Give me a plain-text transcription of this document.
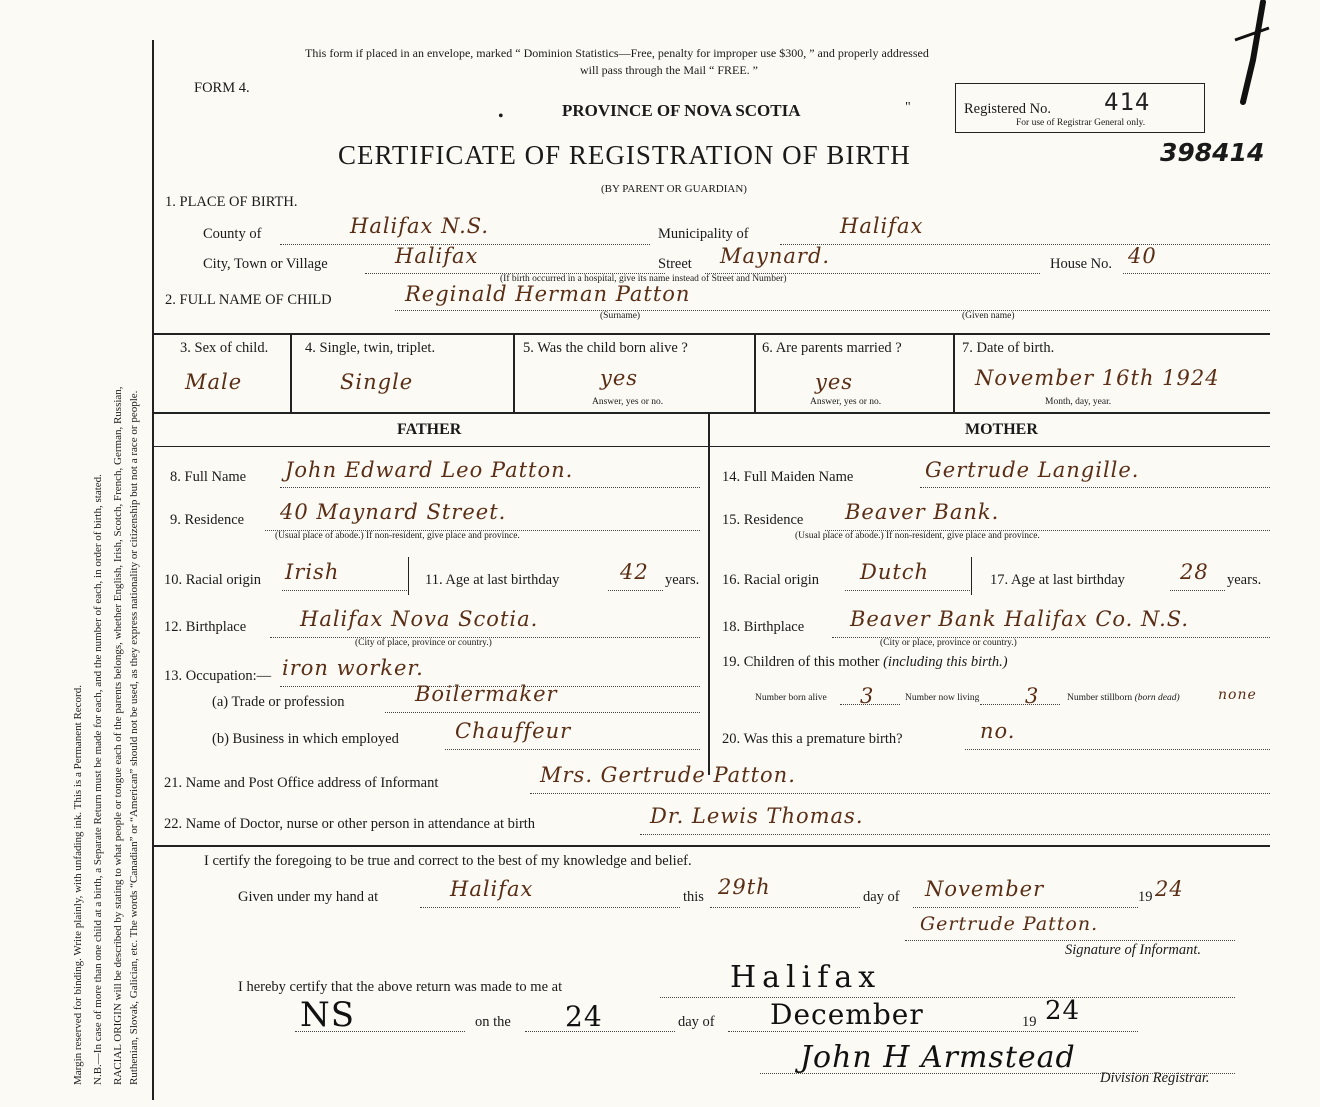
Margin reserved for binding. Write plainly, with unfading ink. This is a Permanent Record. N.B.—In case of more than one child at a birth, a Separate Return must be made for each, and the number of each, in order of birth, stated. RACIAL ORIGIN will be described by stating to what people or tongue each of the parents belongs, whether English, Irish, Scotch, French, German, Russian, Ruthenian, Slovak, Galician, etc. The words “Canadian” or “American” should not be used, as they express nationality or citizenship but not a race or people.
This form if placed in an envelope, marked “ Dominion Statistics—Free, penalty for improper use $300, ” and properly addressed
will pass through the Mail “ FREE. ”
FORM 4.
PROVINCE OF NOVA SCOTIA
CERTIFICATE OF REGISTRATION OF BIRTH
(BY PARENT OR GUARDIAN)
Registered No. 414
For use of Registrar General only.
398414
1. PLACE OF BIRTH.
County of	Halifax N.S.	Municipality of	Halifax
City, Town or Village	Halifax	Street Maynard.	House No. 40
(If birth occurred in a hospital, give its name instead of Street and Number)
2. FULL NAME OF CHILD	Reginald Herman Patton
(Surname)	(Given name)
3. Sex of child.
Male
4. Single, twin, triplet.
Single
5. Was the child born alive ?
yes
Answer, yes or no.
6. Are parents married ?
yes
Answer, yes or no.
7. Date of birth.
November 16th 1924
Month, day, year.
FATHER	MOTHER
8. Full Name John Edward Leo Patton.	14. Full Maiden Name	Gertrude Langille.
9. Residence 40 Maynard Street.
(Usual place of abode.) If non-resident, give place and province.
15. Residence Beaver Bank.
(Usual place of abode.) If non-resident, give place and province.
10. Racial origin Irish	11. Age at last birthday	42 years. 16. Racial origin Dutch	17. Age at last birthday	28 years.
12. Birthplace	Halifax Nova Scotia.
(City of place, province or country.)
18. Birthplace Beaver Bank Halifax Co. N.S.
(City or place, province or country.)
13. Occupation:— iron worker.
(a) Trade or profession	Boilermaker
(b) Business in which employed	Chauffeur
19. Children of this mother (including this birth.)
Number born alive 3	Number now living 3	Number stillborn (born dead)	none
20. Was this a premature birth?	no.
21. Name and Post Office address of Informant	Mrs. Gertrude Patton.
22. Name of Doctor, nurse or other person in attendance at birth	Dr. Lewis Thomas.
I certify the foregoing to be true and correct to the best of my knowledge and belief.
Given under my hand at	Halifax	this 29th	day of November	19 24
Gertrude Patton.
Signature of Informant.
I hereby certify that the above return was made to me at	Halifax
NS	on the 24	day of December	19 24
John H Armstead
Division Registrar.
•
"
